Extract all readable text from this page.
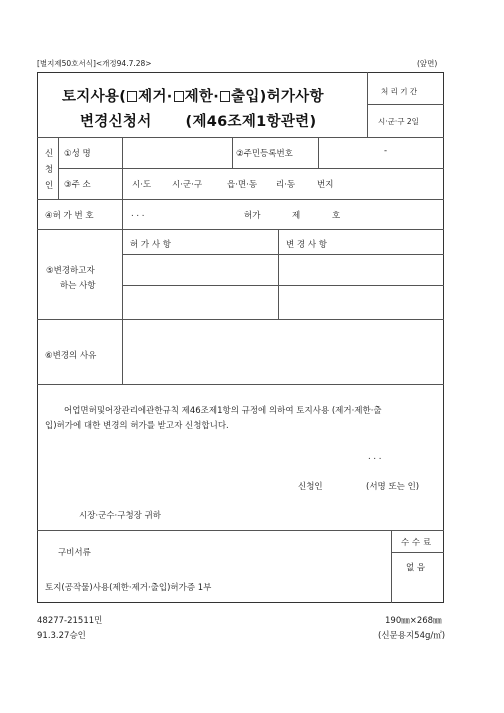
[별지제50호서식]<개정94.7.28>	(앞면)
토지사용( 제거· 제한· 출입)허가사항
변경신청서 (제46조제1항관련)
처 리 기 간
시·군·구 2일
신
청
인
①성 명	②주민등록번호	-
③주 소	시·도 시·군·구	읍·면·동 리·동	번지
④허 가 번 호	. . .	허가	제	호
⑤변경하고자
하는 사항
허 가 사 항	변 경 사 항
⑥변경의 사유
어업면허및어장관리에관한규칙 제46조제1항의 규정에 의하여 토지사용 (제거·제한·출
입)허가에 대한 변경의 허가를 받고자 신청합니다.
. . .
신청인	(서명 또는 인)
시장·군수·구청장 귀하
구비서류
토지(공작물)사용(제한·제거·출입)허가증 1부
수 수 료
없 음
48277-21511민
91.3.27승인
190㎜×268㎜
(신문용지54g/㎡)
